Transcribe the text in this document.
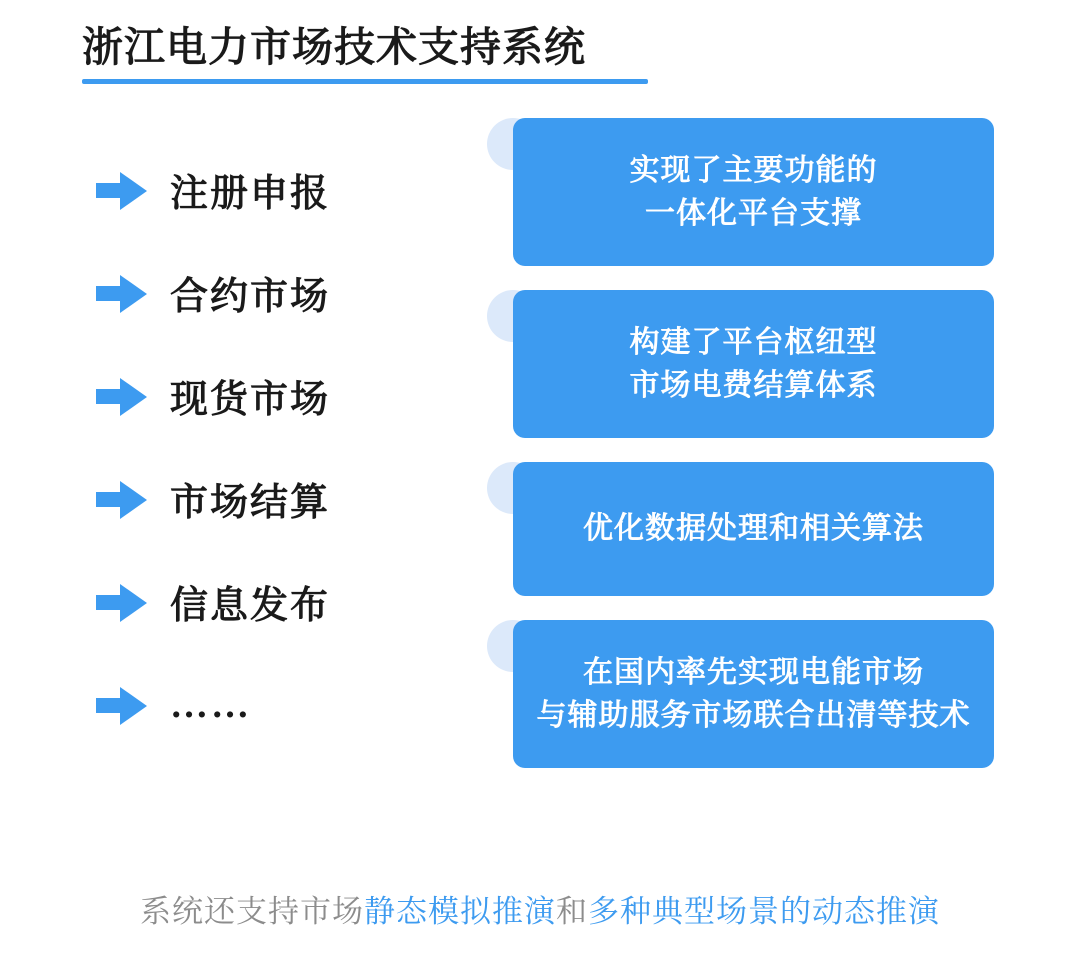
浙江电力市场技术支持系统
注册申报
合约市场
现货市场
市场结算
信息发布
……
实现了主要功能的
一体化平台支撑
构建了平台枢纽型
市场电费结算体系
优化数据处理和相关算法
在国内率先实现电能市场
与辅助服务市场联合出清等技术
系统还支持市场静态模拟推演和多种典型场景的动态推演
